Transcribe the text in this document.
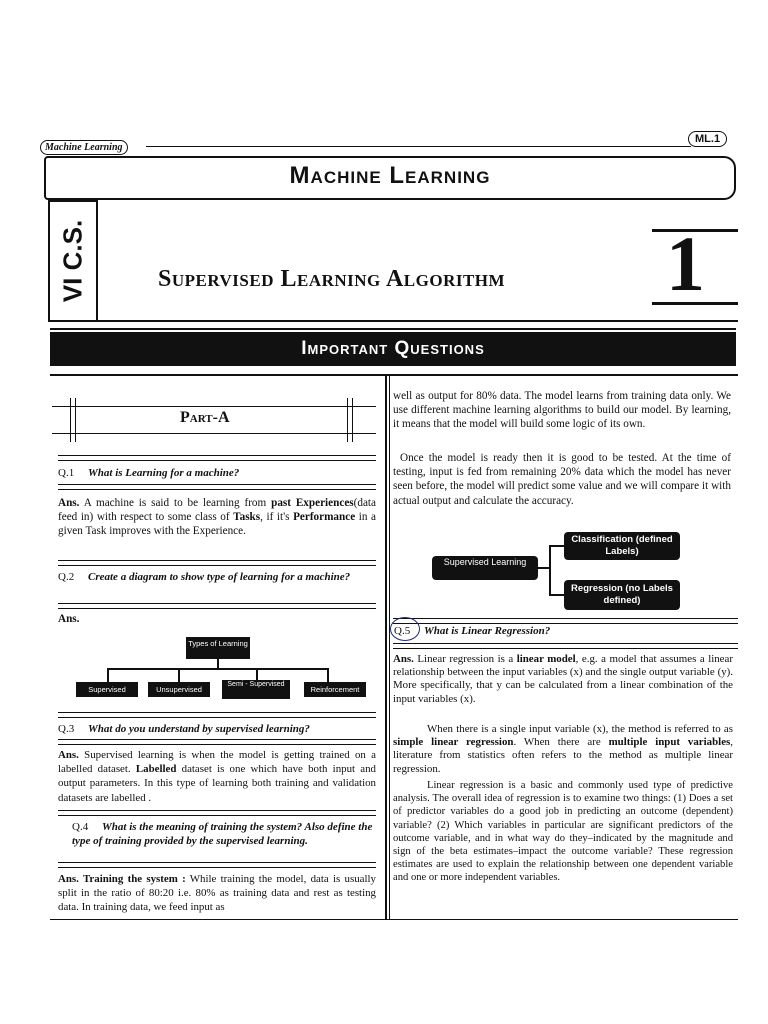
Machine Learning
ML.1
Machine Learning
VI C.S.	Supervised Learning Algorithm 1
Important Questions
Part-A
Q.1 What is Learning for a machine?
Ans. A machine is said to be learning from past Experiences(data feed in) with respect to some class of Tasks, if it's Performance in a given Task improves with the Experience.
Q.2 Create a diagram to show type of learning for a machine?
Ans.
Types of Learning
Supervised	Unsupervised
Semi - Supervised
Reinforcement
Q.3 What do you understand by supervised learning?
Ans. Supervised learning is when the model is getting trained on a labelled dataset. Labelled dataset is one which have both input and output parameters. In this type of learning both training and validation datasets are labelled .
Q.4 What is the meaning of training the system? Also define the type of training provided by the supervised learning.
Ans. Training the system : While training the model, data is usually split in the ratio of 80:20 i.e. 80% as training data and rest as testing data. In training data, we feed input as
well as output for 80% data. The model learns from training data only. We use different machine learning algorithms to build our model. By learning, it means that the model will build some logic of its own.
Once the model is ready then it is good to be tested. At the time of testing, input is fed from remaining 20% data which the model has never seen before, the model will predict some value and we will compare it with actual output and calculate the accuracy.
Supervised Learning
Classification (defined Labels)
Regression (no Labels defined)
Q.5 What is Linear Regression?
Ans. Linear regression is a linear model, e.g. a model that assumes a linear relationship between the input variables (x) and the single output variable (y). More specifically, that y can be calculated from a linear combination of the input variables (x).
When there is a single input variable (x), the method is referred to as simple linear regression. When there are multiple input variables, literature from statistics often refers to the method as multiple linear regression.
Linear regression is a basic and commonly used type of predictive analysis. The overall idea of regression is to examine two things: (1) Does a set of predictor variables do a good job in predicting an outcome (dependent) variable? (2) Which variables in particular are significant predictors of the outcome variable, and in what way do they–indicated by the magnitude and sign of the beta estimates–impact the outcome variable? These regression estimates are used to explain the relationship between one dependent variable and one or more independent variables.
